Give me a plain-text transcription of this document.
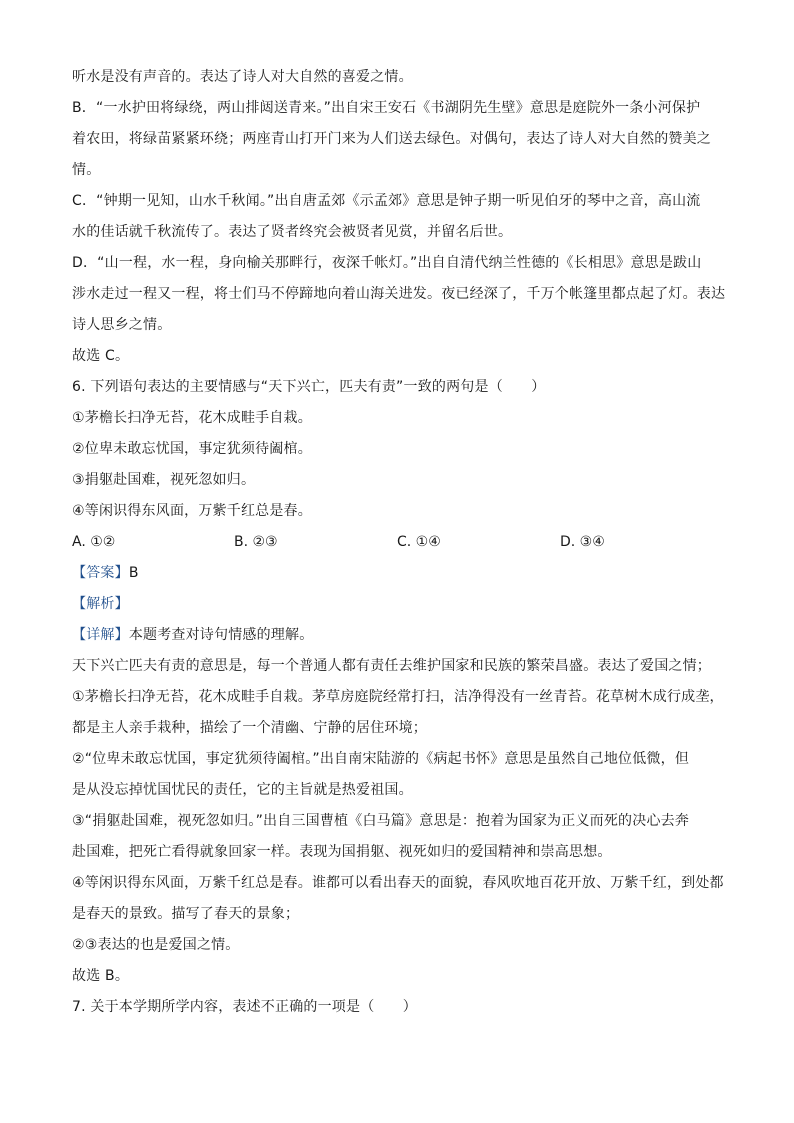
听水是没有声音的。表达了诗人对大自然的喜爱之情。
B．“一水护田将绿绕，两山排闼送青来。”出自宋王安石《书湖阴先生壁》意思是庭院外一条小河保护
着农田，将绿苗紧紧环绕；两座青山打开门来为人们送去绿色。对偶句，表达了诗人对大自然的赞美之
情。
C．“钟期一见知，山水千秋闻。”出自唐孟郊《示孟郊》意思是钟子期一听见伯牙的琴中之音，高山流
水的佳话就千秋流传了。表达了贤者终究会被贤者见赏，并留名后世。
D．“山一程，水一程，身向榆关那畔行，夜深千帐灯。”出自自清代纳兰性德的《长相思》意思是跋山
涉水走过一程又一程，将士们马不停蹄地向着山海关进发。夜已经深了，千万个帐篷里都点起了灯。表达
诗人思乡之情。
故选 C。
6. 下列语句表达的主要情感与“天下兴亡，匹夫有责”一致的两句是（　　）
①茅檐长扫净无苔，花木成畦手自栽。
②位卑未敢忘忧国，事定犹须待阖棺。
③捐躯赴国难，视死忽如归。
④等闲识得东风面，万紫千红总是春。
A. ①②	B. ②③	C. ①④	D. ③④
【答案】B
【解析】
【详解】本题考查对诗句情感的理解。
天下兴亡匹夫有责的意思是，每一个普通人都有责任去维护国家和民族的繁荣昌盛。表达了爱国之情；
①茅檐长扫净无苔，花木成畦手自栽。茅草房庭院经常打扫，洁净得没有一丝青苔。花草树木成行成垄，
都是主人亲手栽种，描绘了一个清幽、宁静的居住环境；
②“位卑未敢忘忧国，事定犹须待阖棺。”出自南宋陆游的《病起书怀》意思是虽然自己地位低微，但
是从没忘掉忧国忧民的责任，它的主旨就是热爱祖国。
③“捐躯赴国难，视死忽如归。”出自三国曹植《白马篇》意思是：抱着为国家为正义而死的决心去奔
赴国难，把死亡看得就象回家一样。表现为国捐躯、视死如归的爱国精神和崇高思想。
④等闲识得东风面，万紫千红总是春。谁都可以看出春天的面貌，春风吹地百花开放、万紫千红，到处都
是春天的景致。描写了春天的景象；
②③表达的也是爱国之情。
故选 B。
7. 关于本学期所学内容，表述不正确的一项是（　　）
